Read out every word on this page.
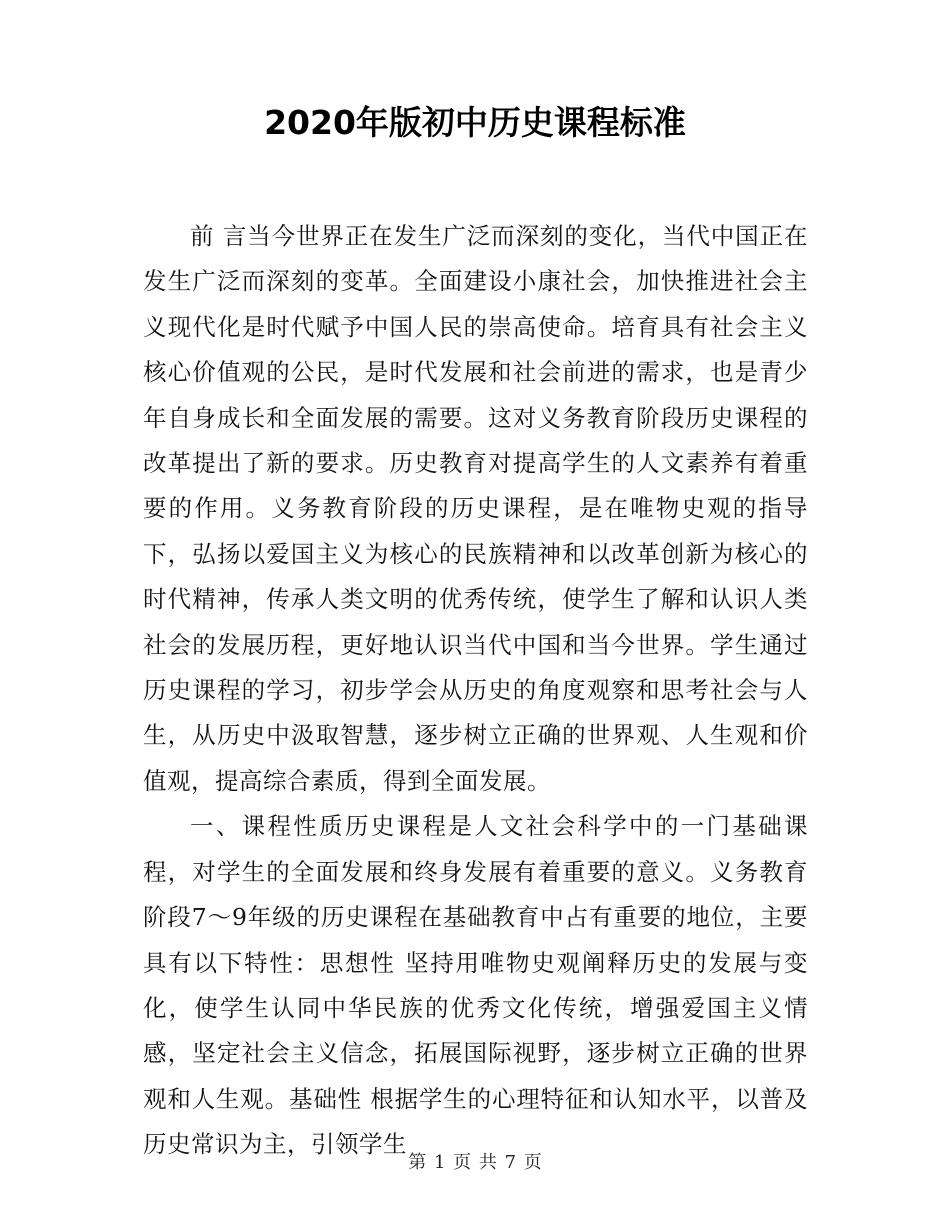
2020年版初中历史课程标准

前 言当今世界正在发生广泛而深刻的变化，当代中国正在发生广泛而深刻的变革。全面建设小康社会，加快推进社会主义现代化是时代赋予中国人民的崇高使命。培育具有社会主义核心价值观的公民，是时代发展和社会前进的需求，也是青少年自身成长和全面发展的需要。这对义务教育阶段历史课程的改革提出了新的要求。历史教育对提高学生的人文素养有着重要的作用。义务教育阶段的历史课程，是在唯物史观的指导下，弘扬以爱国主义为核心的民族精神和以改革创新为核心的时代精神，传承人类文明的优秀传统，使学生了解和认识人类社会的发展历程，更好地认识当代中国和当今世界。学生通过历史课程的学习，初步学会从历史的角度观察和思考社会与人生，从历史中汲取智慧，逐步树立正确的世界观、人生观和价值观，提高综合素质，得到全面发展。

一、课程性质历史课程是人文社会科学中的一门基础课程，对学生的全面发展和终身发展有着重要的意义。义务教育阶段7～9年级的历史课程在基础教育中占有重要的地位，主要具有以下特性：思想性 坚持用唯物史观阐释历史的发展与变化，使学生认同中华民族的优秀文化传统，增强爱国主义情感，坚定社会主义信念，拓展国际视野，逐步树立正确的世界观和人生观。基础性 根据学生的心理特征和认知水平，以普及历史常识为主，引领学生

第 1 页 共 7 页
